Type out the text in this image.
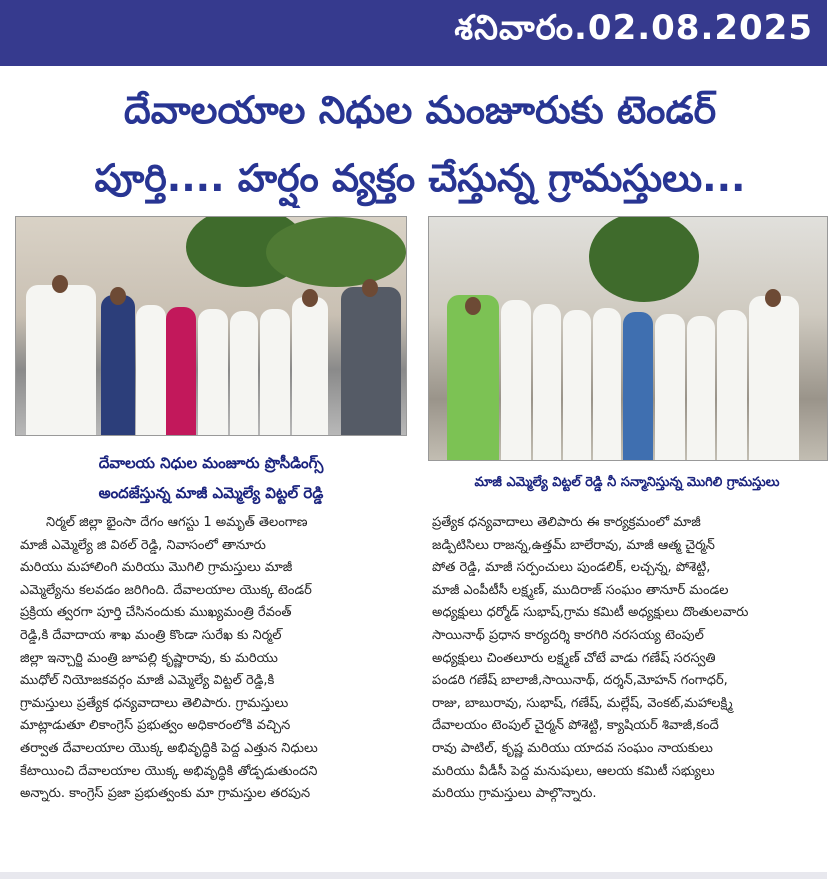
శనివారం.02.08.2025
దేవాలయాల నిధుల మంజూరుకు టెండర్
పూర్తి.... హర్షం వ్యక్తం చేస్తున్న గ్రామస్తులు...
దేవాలయ నిధుల మంజూరు ప్రొసీడింగ్స్
అందజేస్తున్న మాజీ ఎమ్మెల్యే విట్టల్ రెడ్డి
మాజీ ఎమ్మెల్యే విట్టల్ రెడ్డి నీ సన్మానిస్తున్న మొగిలి గ్రామస్తులు
నిర్మల్ జిల్లా భైంసా దేగం ఆగస్టు 1 అమృత్ తెలంగాణ
మాజీ ఎమ్మెల్యే జి విఠల్ రెడ్డి, నివాసంలో తానూరు
మరియు మహాలింగి మరియు మొగిలి గ్రామస్తులు మాజీ
ఎమ్మెల్యేను కలవడం జరిగింది. దేవాలయాల యొక్క టెండర్
ప్రక్రియ త్వరగా పూర్తి చేసినందుకు ముఖ్యమంత్రి రేవంత్
రెడ్డి,కి దేవాదాయ శాఖ మంత్రి కొండా సురేఖ కు నిర్మల్
జిల్లా ఇన్చార్జి మంత్రి జూపల్లి కృష్ణారావు, కు మరియు
ముధోల్ నియోజకవర్గం మాజీ ఎమ్మెల్యే విట్టల్ రెడ్డి,కి
గ్రామస్తులు ప్రత్యేక ధన్యవాదాలు తెలిపారు. గ్రామస్తులు
మాట్లాడుతూ లికాంగ్రెస్ ప్రభుత్వం అధికారంలోకి వచ్చిన
తర్వాత దేవాలయాల యొక్క అభివృద్ధికి పెద్ద ఎత్తున నిధులు
కేటాయించి దేవాలయాల యొక్క అభివృద్ధికి తోడ్పడుతుందని
అన్నారు. కాంగ్రెస్ ప్రజా ప్రభుత్వంకు మా గ్రామస్తుల తరపున
ప్రత్యేక ధన్యవాదాలు తెలిపారు ఈ కార్యక్రమంలో మాజీ
జడ్పిటిసిలు రాజన్న,ఉత్తమ్ బాలేరావు, మాజీ ఆత్మ చైర్మన్
పోత రెడ్డి, మాజీ సర్పంచులు పుండలిక్, లచ్చన్న, పోశెట్టి,
మాజీ ఎంపీటీసీ లక్ష్మణ్, ముదిరాజ్ సంఘం తానూర్ మండల
అధ్యక్షులు ధర్మోడ్ సుభాష్,గ్రామ కమిటీ అధ్యక్షులు దొంతులవారు
సాయినాథ్ ప్రధాన కార్యదర్శి కారగిరి నరసయ్య టెంపుల్
అధ్యక్షులు చింతలూరు లక్ష్మణ్ చోటే వాడు గణేష్ సరస్వతి
పండరి గణేష్ బాలాజీ,సాయినాథ్, దర్శన్,మోహన్ గంగాధర్,
రాజు, బాబురావు, సుభాష్, గణేష్, మల్లేష్, వెంకట్,మహాలక్ష్మి
దేవాలయం టెంపుల్ చైర్మన్ పోశెట్టి, క్యాషియర్ శివాజీ,కందే
రావు పాటిల్, కృష్ణ మరియు యాదవ సంఘం నాయకులు
మరియు వీడీసీ పెద్ద మనుషులు, ఆలయ కమిటీ సభ్యులు
మరియు గ్రామస్తులు పాల్గొన్నారు.
